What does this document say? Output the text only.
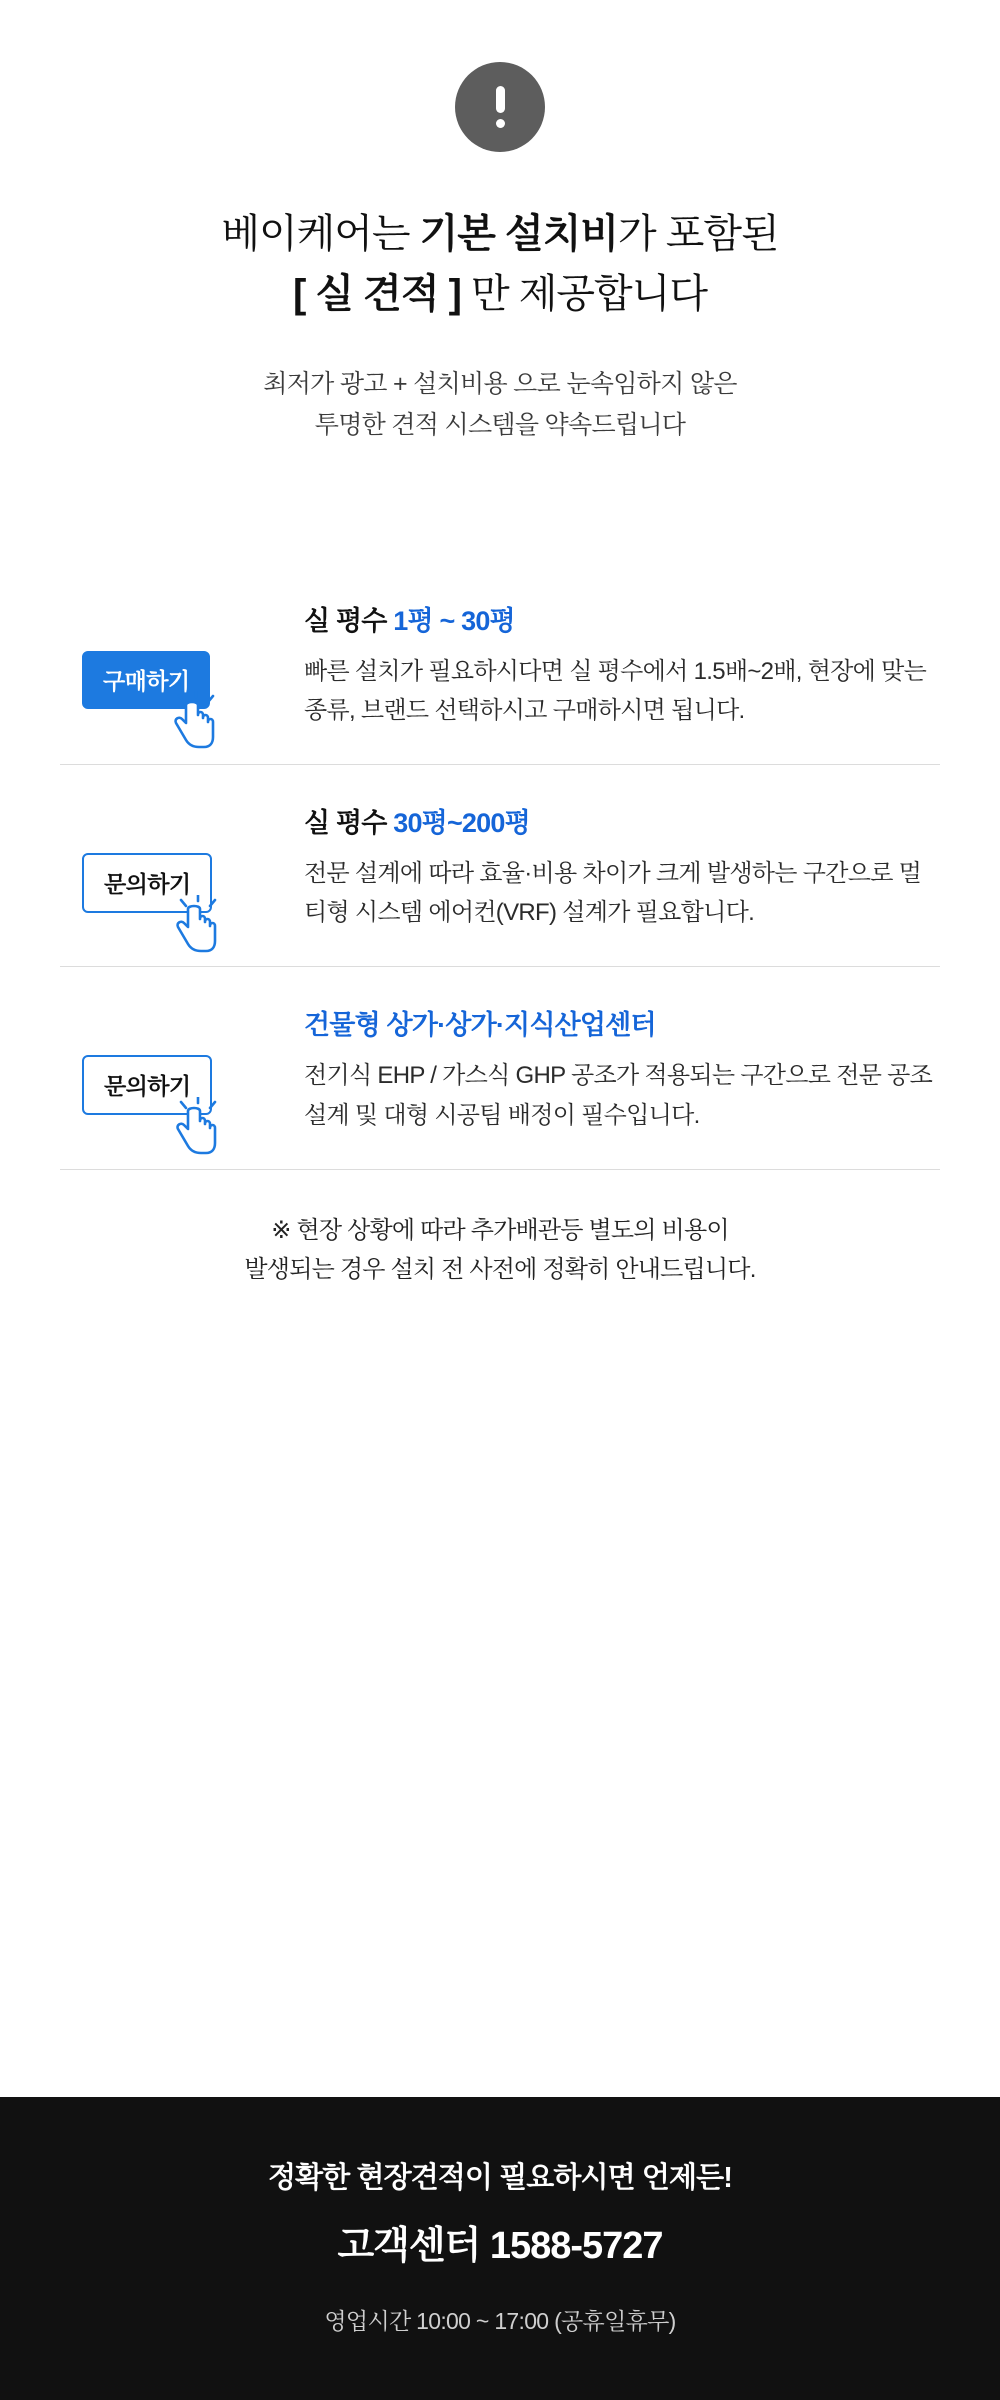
베이케어는 기본 설치비가 포함된
[ 실 견적 ] 만 제공합니다

최저가 광고 + 설치비용 으로 눈속임하지 않은
투명한 견적 시스템을 약속드립니다

구매하기
실 평수 1평 ~ 30평
빠른 설치가 필요하시다면 실 평수에서 1.5배~2배, 현장에 맞는 종류, 브랜드 선택하시고 구매하시면 됩니다.
문의하기
실 평수 30평~200평
전문 설계에 따라 효율·비용 차이가 크게 발생하는 구간으로 멀티형 시스템 에어컨(VRF) 설계가 필요합니다.
문의하기
건물형 상가·상가·지식산업센터
전기식 EHP / 가스식 GHP 공조가 적용되는 구간으로 전문 공조 설계 및 대형 시공팀 배정이 필수입니다.

※ 현장 상황에 따라 추가배관등 별도의 비용이
발생되는 경우 설치 전 사전에 정확히 안내드립니다.

정확한 현장견적이 필요하시면 언제든!
고객센터 1588-5727
영업시간 10:00 ~ 17:00 (공휴일휴무)
